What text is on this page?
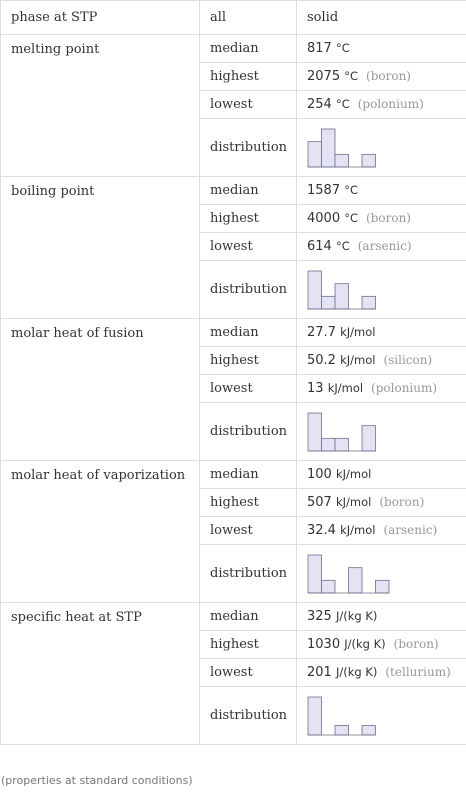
phase at STP	all	solid
melting point	median	817 °C
	highest	2075 °C (boron)
	lowest	254 °C (polonium)
	distribution	

boiling point	median	1587 °C
	highest	4000 °C (boron)
	lowest	614 °C (arsenic)
	distribution	

molar heat of fusion	median	27.7 kJ/mol
	highest	50.2 kJ/mol (silicon)
	lowest	13 kJ/mol (polonium)
	distribution	

molar heat of vaporization	median	100 kJ/mol
	highest	507 kJ/mol (boron)
	lowest	32.4 kJ/mol (arsenic)
	distribution	

specific heat at STP	median	325 J/(kg K)
	highest	1030 J/(kg K) (boron)
	lowest	201 J/(kg K) (tellurium)
	distribution	
(properties at standard conditions)
